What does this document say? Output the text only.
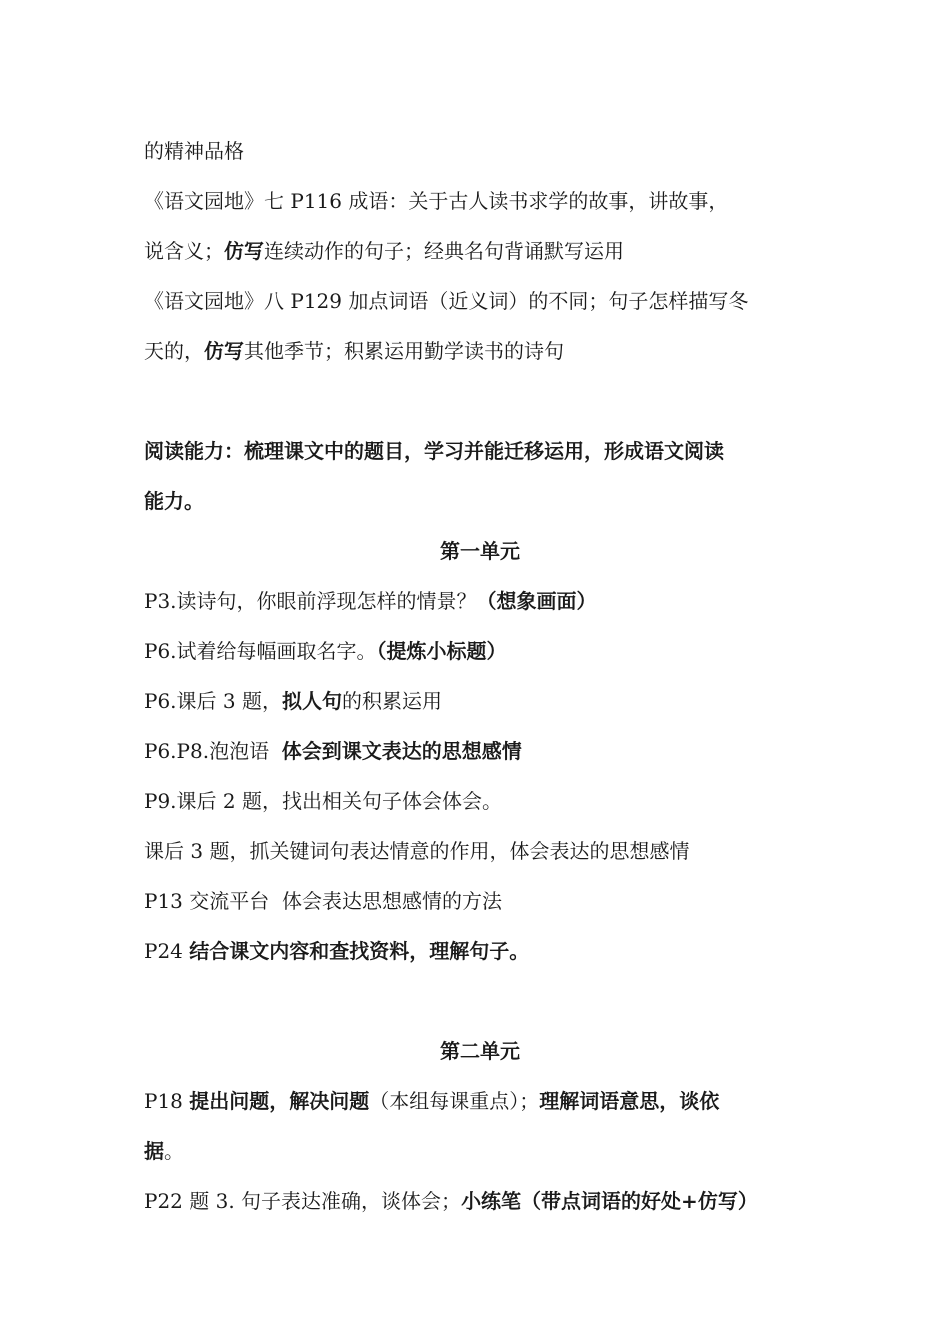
的精神品格
《语文园地》七 P116 成语：关于古人读书求学的故事，讲故事，
说含义；仿写连续动作的句子；经典名句背诵默写运用
《语文园地》八 P129 加点词语（近义词）的不同；句子怎样描写冬
天的，仿写其他季节；积累运用勤学读书的诗句
阅读能力：梳理课文中的题目，学习并能迁移运用，形成语文阅读
能力。
第一单元
P3.读诗句，你眼前浮现怎样的情景？（想象画面）
P6.试着给每幅画取名字。（提炼小标题）
P6.课后 3 题，拟人句的积累运用
P6.P8.泡泡语  体会到课文表达的思想感情
P9.课后 2 题，找出相关句子体会体会。
课后 3 题，抓关键词句表达情意的作用，体会表达的思想感情
P13 交流平台  体会表达思想感情的方法
P24 结合课文内容和查找资料，理解句子。
第二单元
P18 提出问题，解决问题（本组每课重点）；理解词语意思，谈依
据。
P22 题 3. 句子表达准确，谈体会；小练笔（带点词语的好处+仿写）
